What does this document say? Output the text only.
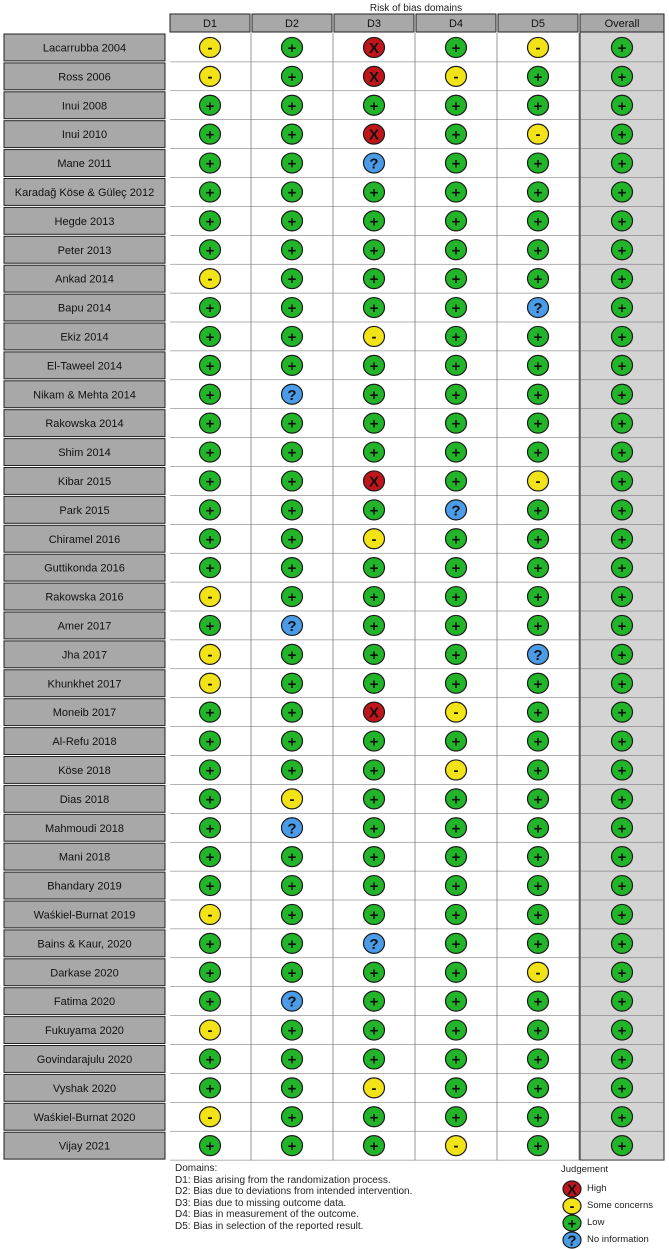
Risk of bias domains
D1	D2	D3	D4	D5	Overall
Lacarrubba 2004	-	+	X	+	-	+
Ross 2006	-	+	X	-	+	+
Inui 2008	+	+	+	+	+	+
Inui 2010	+	+	X	+	-	+
Mane 2011	+	+	?	+	+	+
Karadağ Köse & Güleç 2012	+	+	+	+	+	+
Hegde 2013	+	+	+	+	+	+
Peter 2013	+	+	+	+	+	+
Ankad 2014	-	+	+	+	+	+
Bapu 2014	+	+	+	+	?	+
Ekiz 2014	+	+	-	+	+	+
El-Taweel 2014	+	+	+	+	+	+
Nikam & Mehta 2014	+	?	+	+	+	+
Rakowska 2014	+	+	+	+	+	+
Shim 2014	+	+	+	+	+	+
Kibar 2015	+	+	X	+	-	+
Park 2015	+	+	+	?	+	+
Chiramel 2016	+	+	-	+	+	+
Guttikonda 2016	+	+	+	+	+	+
Rakowska 2016	-	+	+	+	+	+
Amer 2017	+	?	+	+	+	+
Jha 2017	-	+	+	+	?	+
Khunkhet 2017	-	+	+	+	+	+
Moneib 2017	+	+	X	-	+	+
Al-Refu 2018	+	+	+	+	+	+
Köse 2018	+	+	+	-	+	+
Dias 2018	+	-	+	+	+	+
Mahmoudi 2018	+	?	+	+	+	+
Mani 2018	+	+	+	+	+	+
Bhandary 2019	+	+	+	+	+	+
Waśkiel-Burnat 2019	-	+	+	+	+	+
Bains & Kaur, 2020	+	+	?	+	+	+
Darkase 2020	+	+	+	+	-	+
Fatima 2020	+	?	+	+	+	+
Fukuyama 2020	-	+	+	+	+	+
Govindarajulu 2020	+	+	+	+	+	+
Vyshak 2020	+	+	-	+	+	+
Waśkiel-Burnat 2020	-	+	+	+	+	+
Vijay 2021	+	+	+	-	+	+
Domains:
D1: Bias arising from the randomization process.
D2: Bias due to deviations from intended intervention.
D3: Bias due to missing outcome data.
D4: Bias in measurement of the outcome.
D5: Bias in selection of the reported result.
Judgement
X High
- Some concerns
+ Low
? No information
